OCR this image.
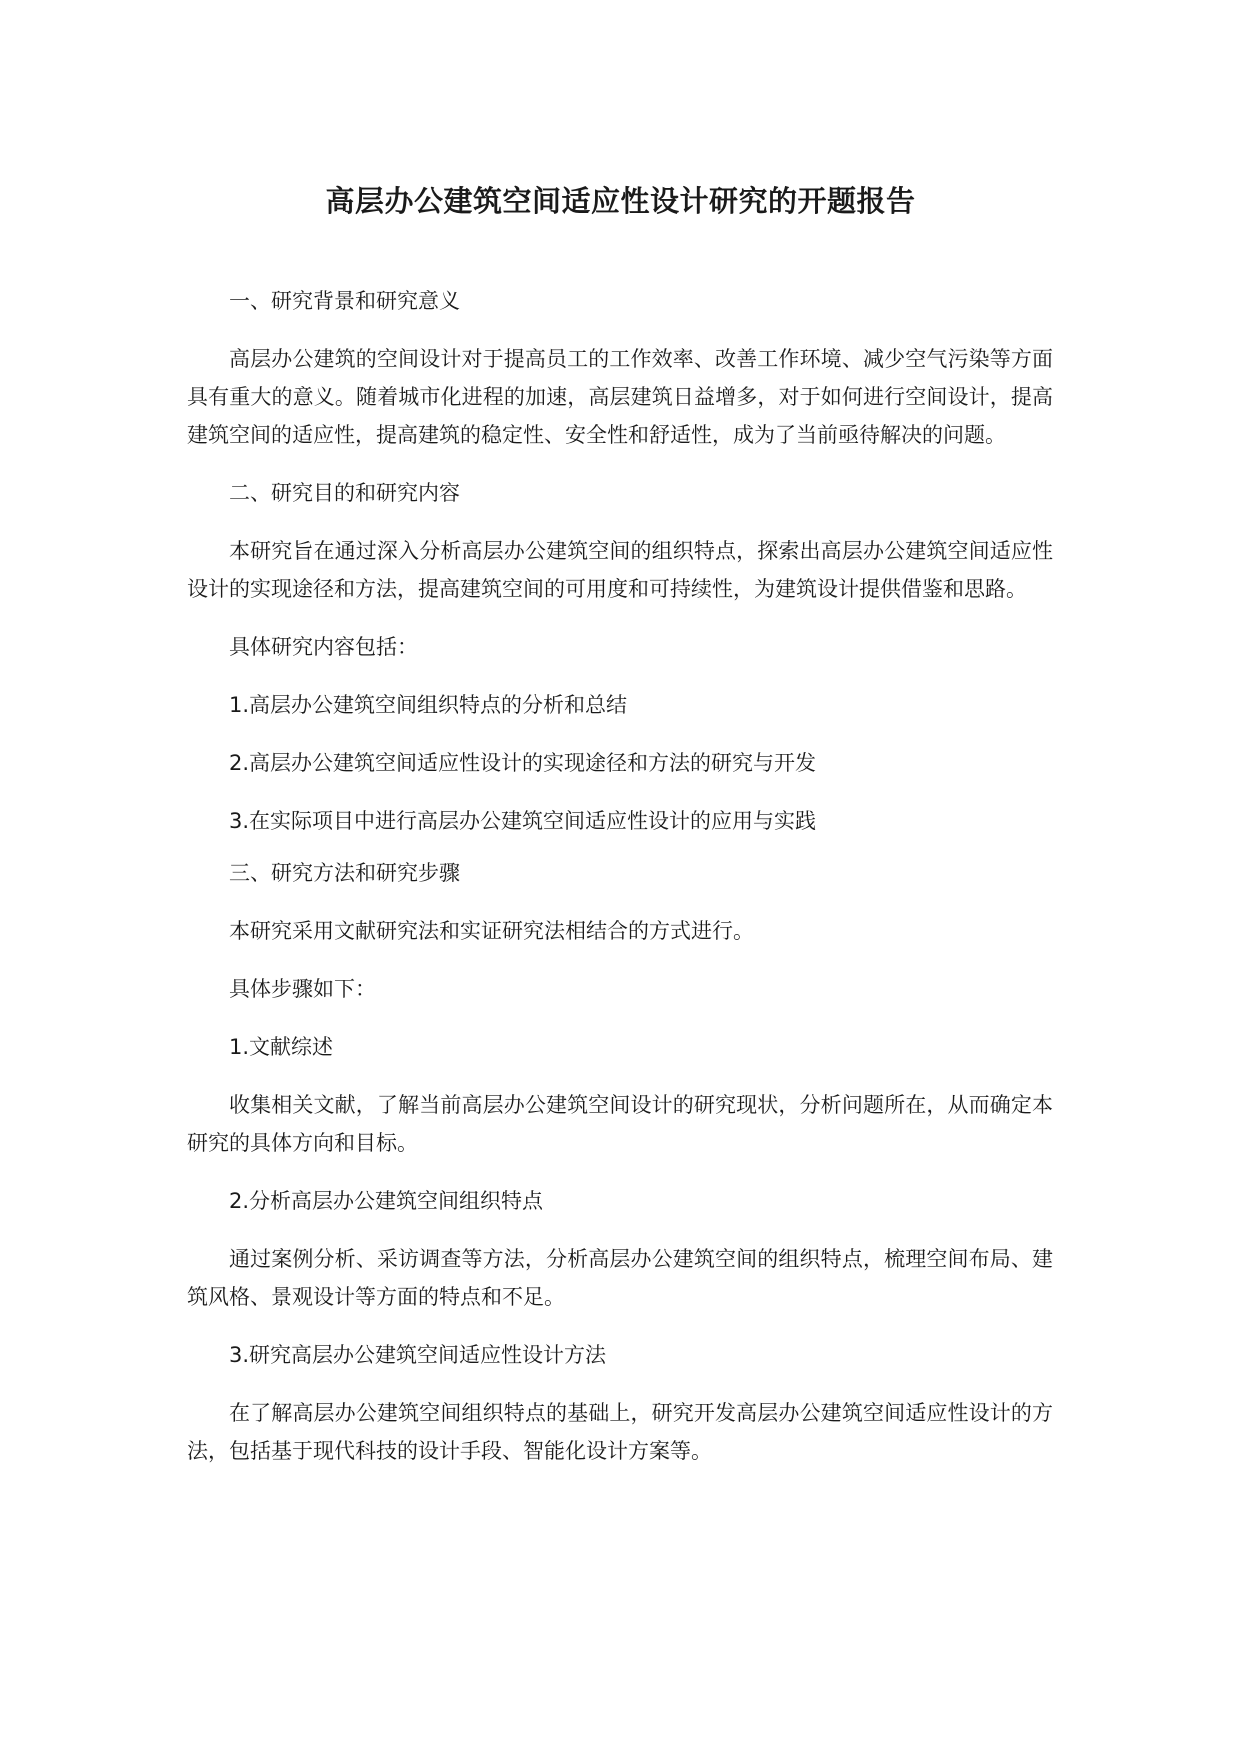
高层办公建筑空间适应性设计研究的开题报告

一、研究背景和研究意义

高层办公建筑的空间设计对于提高员工的工作效率、改善工作环境、减少空气污染等方面具有重大的意义。随着城市化进程的加速，高层建筑日益增多，对于如何进行空间设计，提高建筑空间的适应性，提高建筑的稳定性、安全性和舒适性，成为了当前亟待解决的问题。

二、研究目的和研究内容

本研究旨在通过深入分析高层办公建筑空间的组织特点，探索出高层办公建筑空间适应性设计的实现途径和方法，提高建筑空间的可用度和可持续性，为建筑设计提供借鉴和思路。

具体研究内容包括：

1.高层办公建筑空间组织特点的分析和总结

2.高层办公建筑空间适应性设计的实现途径和方法的研究与开发

3.在实际项目中进行高层办公建筑空间适应性设计的应用与实践

三、研究方法和研究步骤

本研究采用文献研究法和实证研究法相结合的方式进行。

具体步骤如下：

1.文献综述

收集相关文献，了解当前高层办公建筑空间设计的研究现状，分析问题所在，从而确定本研究的具体方向和目标。

2.分析高层办公建筑空间组织特点

通过案例分析、采访调查等方法，分析高层办公建筑空间的组织特点，梳理空间布局、建筑风格、景观设计等方面的特点和不足。

3.研究高层办公建筑空间适应性设计方法

在了解高层办公建筑空间组织特点的基础上，研究开发高层办公建筑空间适应性设计的方法，包括基于现代科技的设计手段、智能化设计方案等。
